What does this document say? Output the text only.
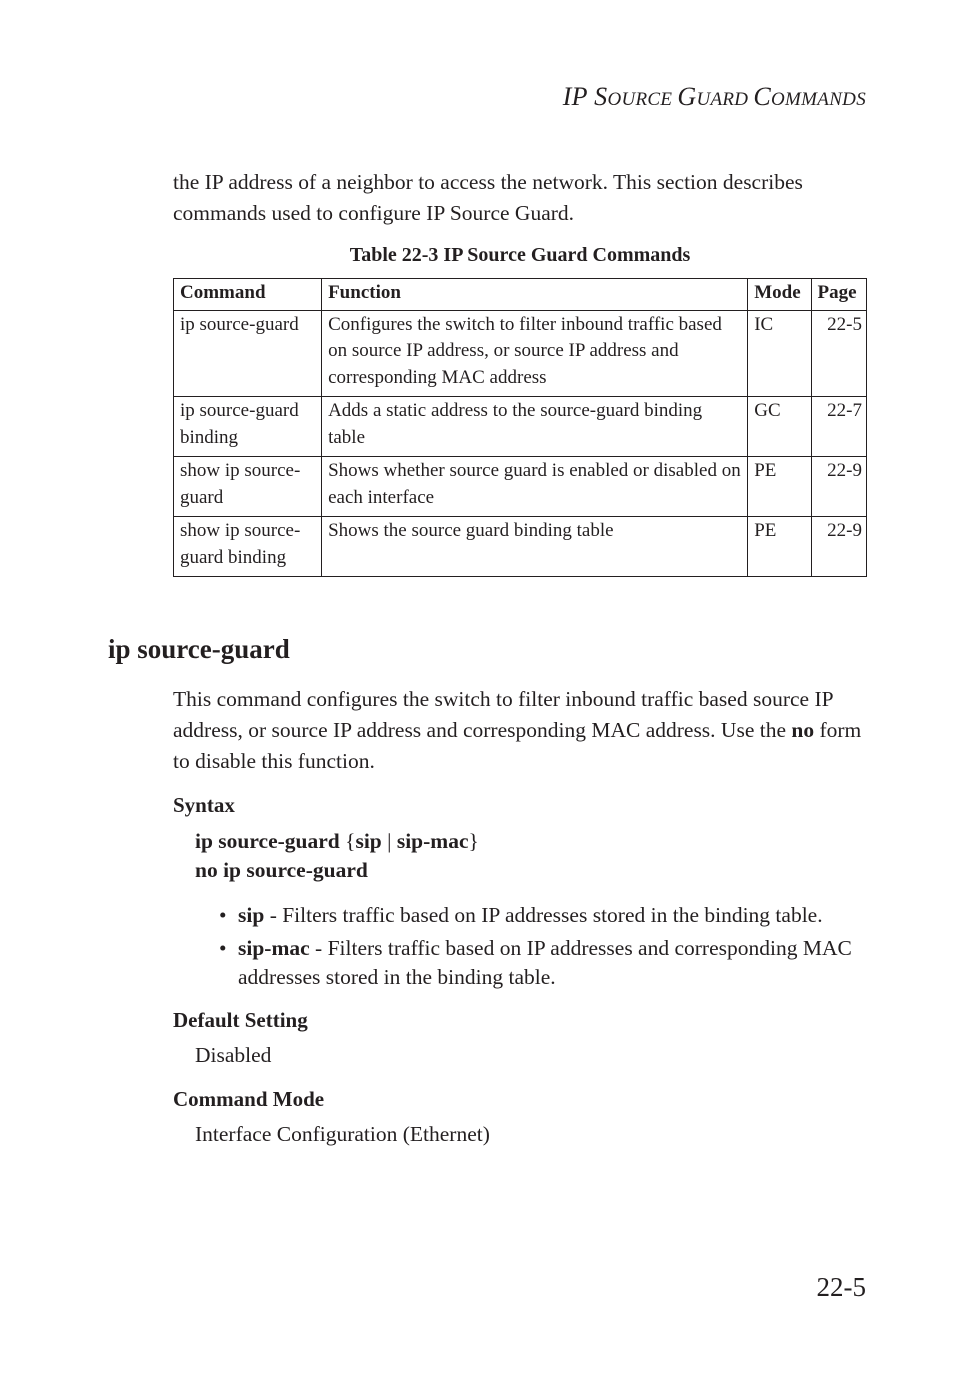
IP SOURCE GUARD COMMANDS

the IP address of a neighbor to access the network. This section describes commands used to configure IP Source Guard.

Table 22-3 IP Source Guard Commands
Command	Function	Mode	Page
ip source-guard	Configures the switch to filter inbound traffic based on source IP address, or source IP address and corresponding MAC address	IC	22-5
ip source-guard binding	Adds a static address to the source-guard binding table	GC	22-7
show ip source-guard	Shows whether source guard is enabled or disabled on each interface	PE	22-9
show ip source-guard binding	Shows the source guard binding table	PE	22-9
ip source-guard

This command configures the switch to filter inbound traffic based source IP address, or source IP address and corresponding MAC address. Use the no form to disable this function.

Syntax
ip source-guard {sip | sip-mac}
no ip source-guard
• sip - Filters traffic based on IP addresses stored in the binding table.
• sip-mac - Filters traffic based on IP addresses and corresponding MAC addresses stored in the binding table.
Default Setting
Disabled
Command Mode
Interface Configuration (Ethernet)
22-5
